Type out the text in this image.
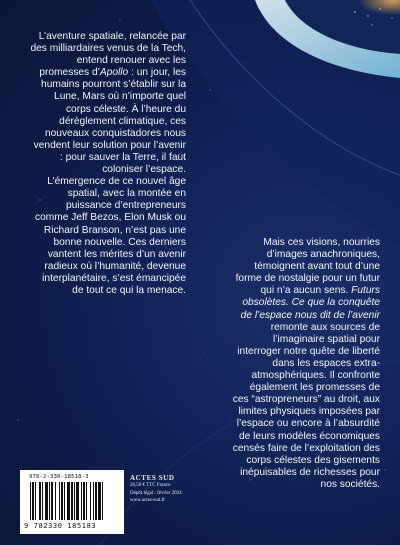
L’aventure spatiale, relancée par des milliardaires venus de la Tech, entend renouer avec les promesses d’Apollo : un jour, les humains pourront s’établir sur la Lune, Mars où n’importe quel corps céleste. À l’heure du dérèglement climatique, ces nouveaux conquistadores nous vendent leur solution pour l’avenir : pour sauver la Terre, il faut coloniser l’espace.

L’émergence de ce nouvel âge spatial, avec la montée en puissance d’entrepreneurs comme Jeff Bezos, Elon Musk ou Richard Branson, n’est pas une bonne nouvelle. Ces derniers vantent les mérites d’un avenir radieux où l’humanité, devenue interplanétaire, s’est émancipée de tout ce qui la menace.

Mais ces visions, nourries d’images anachroniques, témoignent avant tout d’une forme de nostalgie pour un futur qui n’a aucun sens. Futurs obsolètes. Ce que la conquête de l’espace nous dit de l’avenir remonte aux sources de l’imaginaire spatial pour interroger notre quête de liberté dans les espaces extra-atmosphériques. Il confronte également les promesses de ces “astropreneurs” au droit, aux limites physiques imposées par l’espace ou encore à l’absurdité de leurs modèles économiques censés faire de l’exploitation des corps célestes des gisements inépuisables de richesses pour nos sociétés.

978-2-330-18518-3
9 782330 185183
ACTES SUD
26,50 € TTC France
Dépôt légal : février 2024
www.actes-sud.fr
